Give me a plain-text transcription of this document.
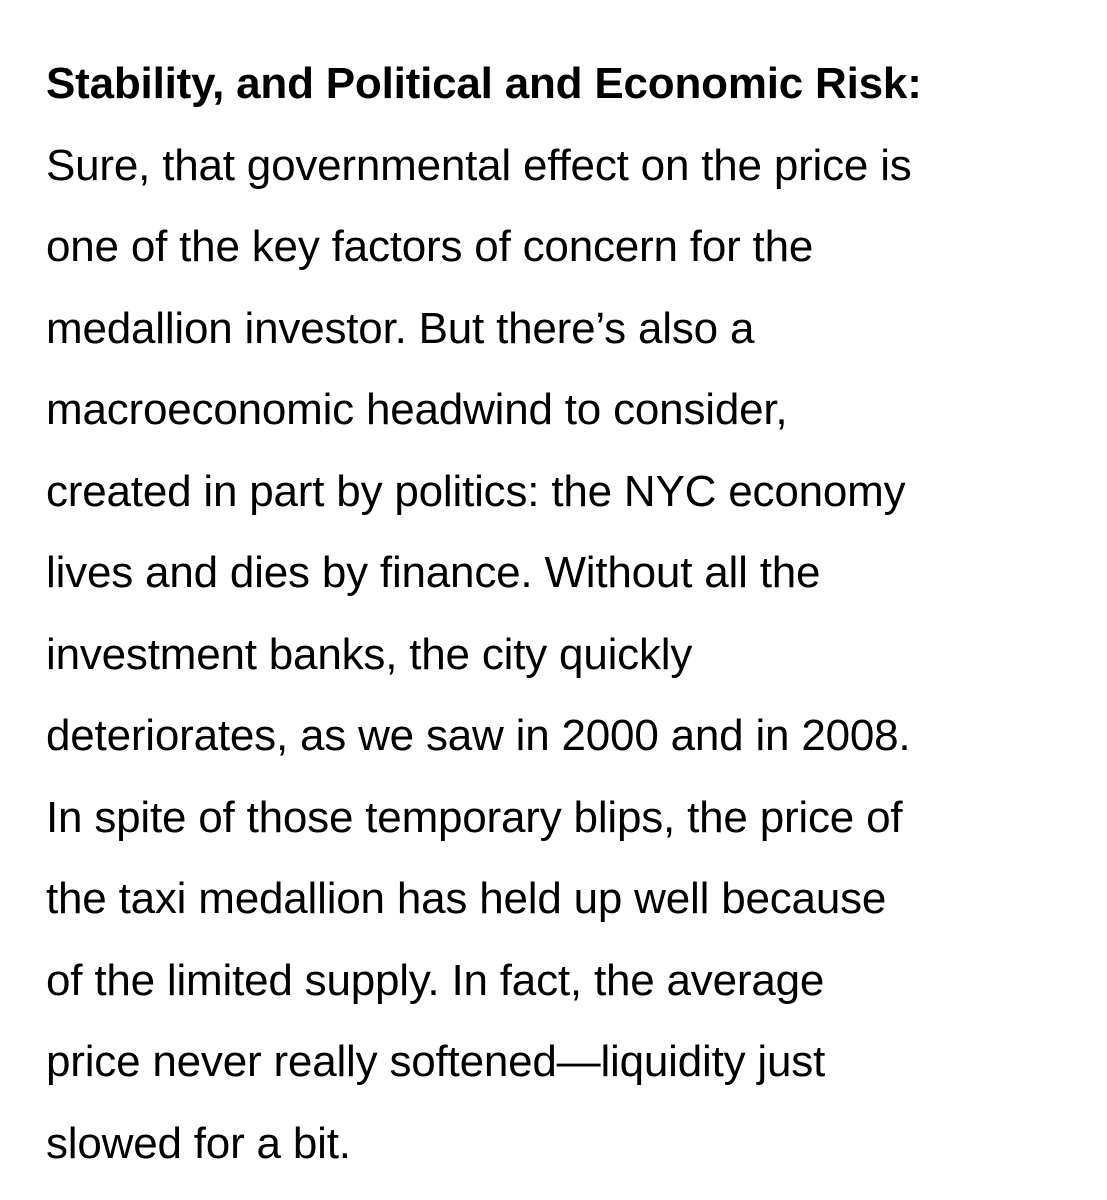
Stability, and Political and Economic Risk:
Sure, that governmental effect on the price is
one of the key factors of concern for the
medallion investor. But there’s also a
macroeconomic headwind to consider,
created in part by politics: the NYC economy
lives and dies by finance. Without all the
investment banks, the city quickly
deteriorates, as we saw in 2000 and in 2008.
In spite of those temporary blips, the price of
the taxi medallion has held up well because
of the limited supply. In fact, the average
price never really softened—liquidity just
slowed for a bit.
